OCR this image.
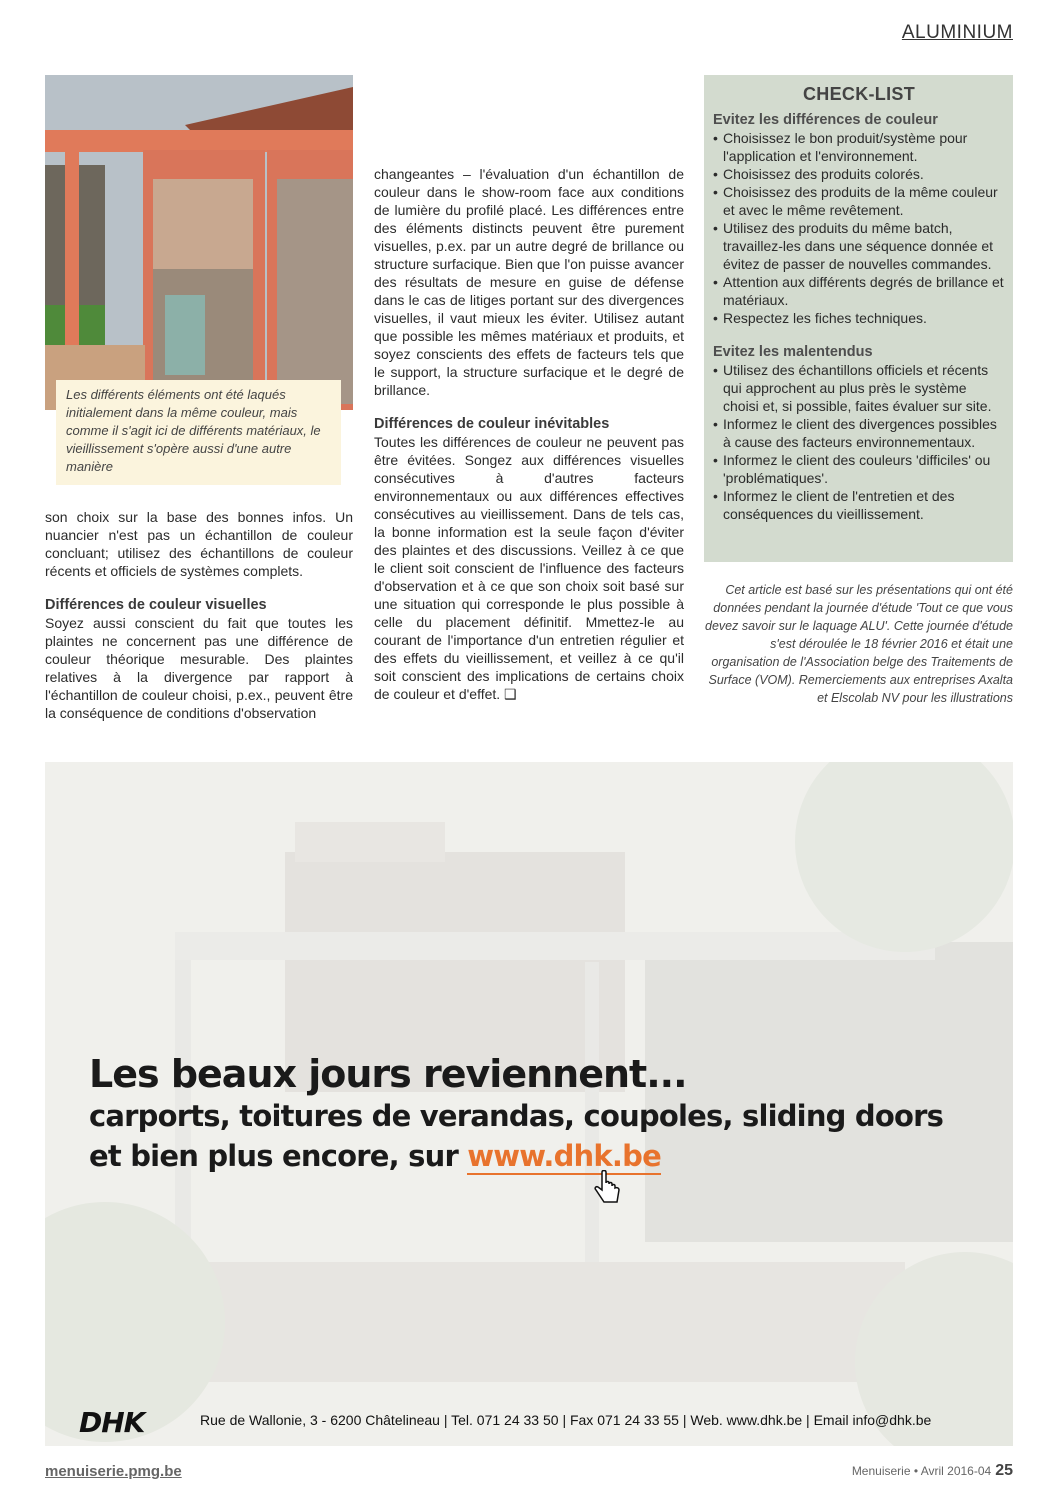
ALUMINIUM
Les différents éléments ont été laqués initialement dans la même couleur, mais comme il s'agit ici de différents matériaux, le vieillissement s'opère aussi d'une autre manière

son choix sur la base des bonnes infos. Un nuancier n'est pas un échantillon de couleur concluant; utilisez des échantillons de couleur récents et officiels de systèmes complets.

Différences de couleur visuelles

Soyez aussi conscient du fait que toutes les plaintes ne concernent pas une différence de couleur théorique mesurable. Des plaintes relatives à la divergence par rapport à l'échantillon de couleur choisi, p.ex., peuvent être la conséquence de conditions d'observation

changeantes – l'évaluation d'un échantillon de couleur dans le show-room face aux conditions de lumière du profilé placé. Les différences entre des éléments distincts peuvent être purement visuelles, p.ex. par un autre degré de brillance ou structure surfacique. Bien que l'on puisse avancer des résultats de mesure en guise de défense dans le cas de litiges portant sur des divergences visuelles, il vaut mieux les éviter. Utilisez autant que possible les mêmes matériaux et produits, et soyez conscients des effets de facteurs tels que le support, la structure surfacique et le degré de brillance.

Différences de couleur inévitables

Toutes les différences de couleur ne peuvent pas être évitées. Songez aux différences visuelles consécutives à d'autres facteurs environnementaux ou aux différences effectives consécutives au vieillissement. Dans de tels cas, la bonne information est la seule façon d'éviter des plaintes et des discussions. Veillez à ce que le client soit conscient de l'influence des facteurs d'observation et à ce que son choix soit basé sur une situation qui corresponde le plus possible à celle du placement définitif. Mmettez-le au courant de l'importance d'un entretien régulier et des effets du vieillissement, et veillez à ce qu'il soit conscient des implications de certains choix de couleur et d'effet. ❑

CHECK-LIST
Evitez les différences de couleur
• Choisissez le bon produit/système pour l'application et l'environnement.
• Choisissez des produits colorés.
• Choisissez des produits de la même couleur et avec le même revêtement.
• Utilisez des produits du même batch, travaillez-les dans une séquence donnée et évitez de passer de nouvelles commandes.
• Attention aux différents degrés de brillance et matériaux.
• Respectez les fiches techniques.
Evitez les malentendus
• Utilisez des échantillons officiels et récents qui approchent au plus près le système choisi et, si possible, faites évaluer sur site.
• Informez le client des divergences possibles à cause des facteurs environnementaux.
• Informez le client des couleurs 'difficiles' ou 'problématiques'.
• Informez le client de l'entretien et des conséquences du vieillissement.
Cet article est basé sur les présentations qui ont été données pendant la journée d'étude 'Tout ce que vous devez savoir sur le laquage ALU'. Cette journée d'étude s'est déroulée le 18 février 2016 et était une organisation de l'Association belge des Traitements de Surface (VOM). Remerciements aux entreprises Axalta et Elscolab NV pour les illustrations
Les beaux jours reviennent...
carports, toitures de verandas, coupoles, sliding doors
et bien plus encore, sur www.dhk.be
DHK	Rue de Wallonie, 3 - 6200 Châtelineau | Tel. 071 24 33 50 | Fax 071 24 33 55 | Web. www.dhk.be | Email info@dhk.be
menuiserie.pmg.be	Menuiserie • Avril 2016-04 25
